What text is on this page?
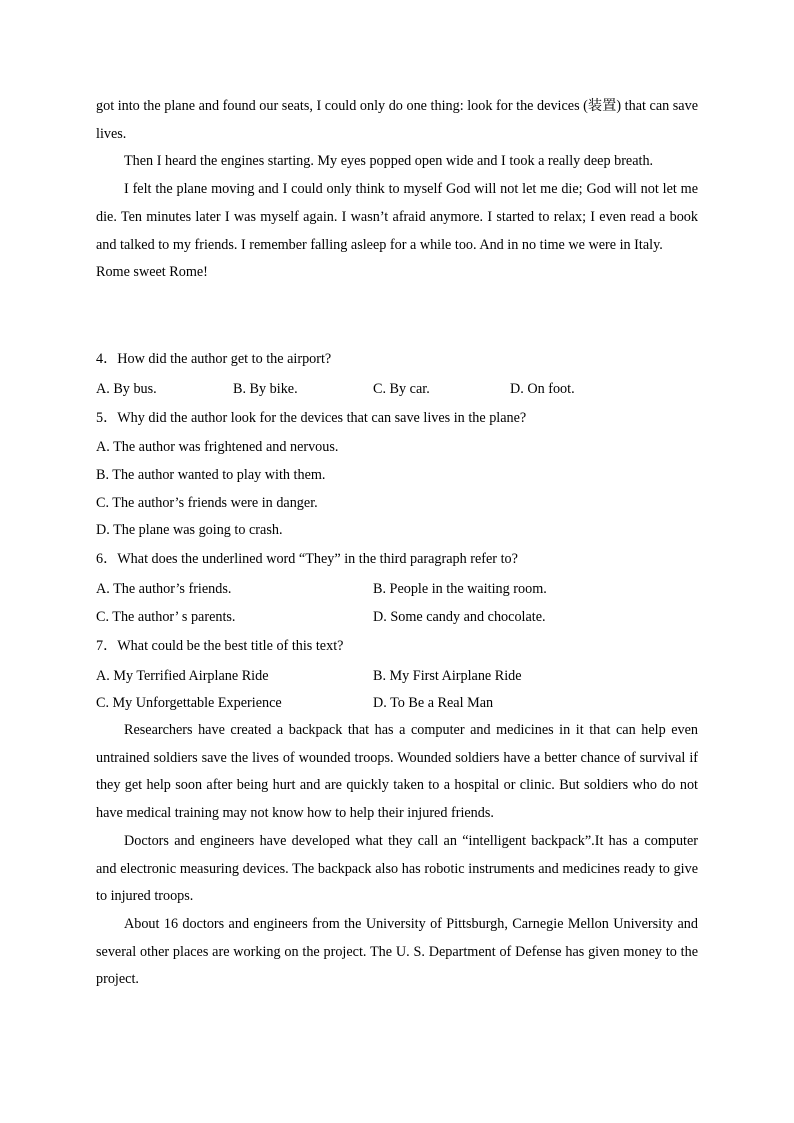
got into the plane and found our seats, I could only do one thing: look for the devices (装置) that can save lives.

Then I heard the engines starting. My eyes popped open wide and I took a really deep breath.

I felt the plane moving and I could only think to myself God will not let me die; God will not let me die. Ten minutes later I was myself again. I wasn’t afraid anymore. I started to relax; I even read a book and talked to my friends. I remember falling asleep for a while too. And in no time we were in Italy.

Rome sweet Rome!

4．How did the author get to the airport?

A. By bus.	B. By bike.	C. By car.	D. On foot.

5．Why did the author look for the devices that can save lives in the plane?

A. The author was frightened and nervous.
B. The author wanted to play with them.
C. The author’s friends were in danger.
D. The plane was going to crash.

6．What does the underlined word “They” in the third paragraph refer to?

A. The author’s friends.	B. People in the waiting room.
C. The author’ s parents.	D. Some candy and chocolate.

7．What could be the best title of this text?

A. My Terrified Airplane Ride	B. My First Airplane Ride
C. My Unforgettable Experience	D. To Be a Real Man

Researchers have created a backpack that has a computer and medicines in it that can help even untrained soldiers save the lives of wounded troops. Wounded soldiers have a better chance of survival if they get help soon after being hurt and are quickly taken to a hospital or clinic. But soldiers who do not have medical training may not know how to help their injured friends.

Doctors and engineers have developed what they call an “intelligent backpack”.It has a computer and electronic measuring devices. The backpack also has robotic instruments and medicines ready to give to injured troops.

About 16 doctors and engineers from the University of Pittsburgh, Carnegie Mellon University and several other places are working on the project. The U. S. Department of Defense has given money to the project.
